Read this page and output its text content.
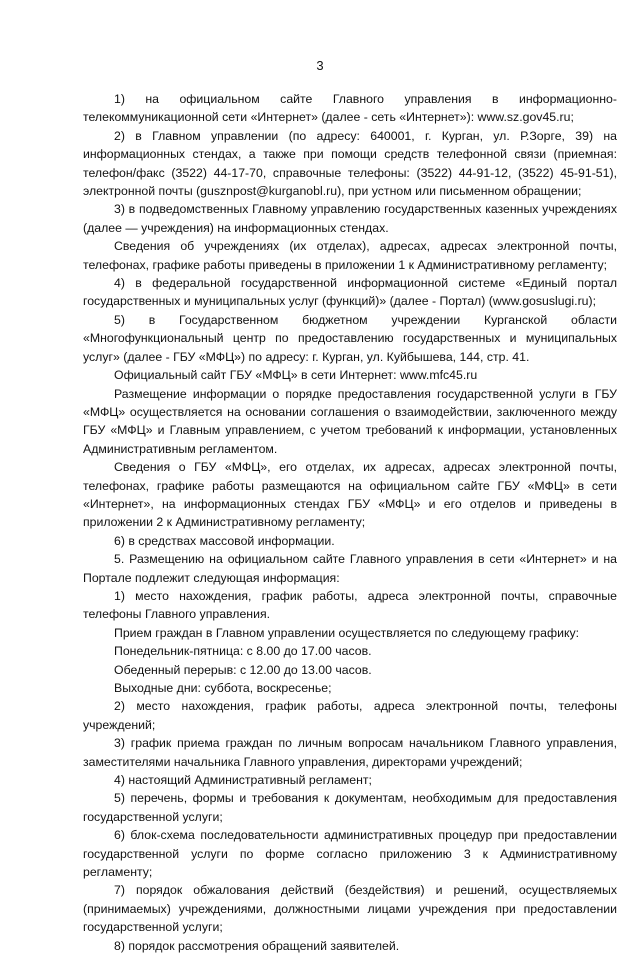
3

1) на официальном сайте Главного управления в информационно-телекоммуникационной сети «Интернет» (далее - сеть «Интернет»): www.sz.gov45.ru;

2) в Главном управлении (по адресу: 640001, г. Курган, ул. Р.Зорге, 39) на информационных стендах, а также при помощи средств телефонной связи (приемная: телефон/факс (3522) 44-17-70, справочные телефоны: (3522) 44-91-12, (3522) 45-91-51), электронной почты (gusznpost@kurganobl.ru), при устном или письменном обращении;

3) в подведомственных Главному управлению государственных казенных учреждениях (далее — учреждения) на информационных стендах.

Сведения об учреждениях (их отделах), адресах, адресах электронной почты, телефонах, графике работы приведены в приложении 1 к Административному регламенту;

4) в федеральной государственной информационной системе «Единый портал государственных и муниципальных услуг (функций)» (далее - Портал) (www.gosuslugi.ru);

5) в Государственном бюджетном учреждении Курганской области «Многофункциональный центр по предоставлению государственных и муниципальных услуг» (далее - ГБУ «МФЦ») по адресу: г. Курган, ул. Куйбышева, 144, стр. 41.

Официальный сайт ГБУ «МФЦ» в сети Интернет: www.mfc45.ru

Размещение информации о порядке предоставления государственной услуги в ГБУ «МФЦ» осуществляется на основании соглашения о взаимодействии, заключенного между ГБУ «МФЦ» и Главным управлением, с учетом требований к информации, установленных Административным регламентом.

Сведения о ГБУ «МФЦ», его отделах, их адресах, адресах электронной почты, телефонах, графике работы размещаются на официальном сайте ГБУ «МФЦ» в сети «Интернет», на информационных стендах ГБУ «МФЦ» и его отделов и приведены в приложении 2 к Административному регламенту;

6) в средствах массовой информации.

5. Размещению на официальном сайте Главного управления в сети «Интернет» и на Портале подлежит следующая информация:

1) место нахождения, график работы, адреса электронной почты, справочные телефоны Главного управления.

Прием граждан в Главном управлении осуществляется по следующему графику:

Понедельник-пятница: с 8.00 до 17.00 часов.

Обеденный перерыв: с 12.00 до 13.00 часов.

Выходные дни: суббота, воскресенье;

2) место нахождения, график работы, адреса электронной почты, телефоны учреждений;

3) график приема граждан по личным вопросам начальником Главного управления, заместителями начальника Главного управления, директорами учреждений;

4) настоящий Административный регламент;

5) перечень, формы и требования к документам, необходимым для предоставления государственной услуги;

6) блок-схема последовательности административных процедур при предоставлении государственной услуги по форме согласно приложению 3 к Административному регламенту;

7) порядок обжалования действий (бездействия) и решений, осуществляемых (принимаемых) учреждениями, должностными лицами учреждения при предоставлении государственной услуги;

8) порядок рассмотрения обращений заявителей.
